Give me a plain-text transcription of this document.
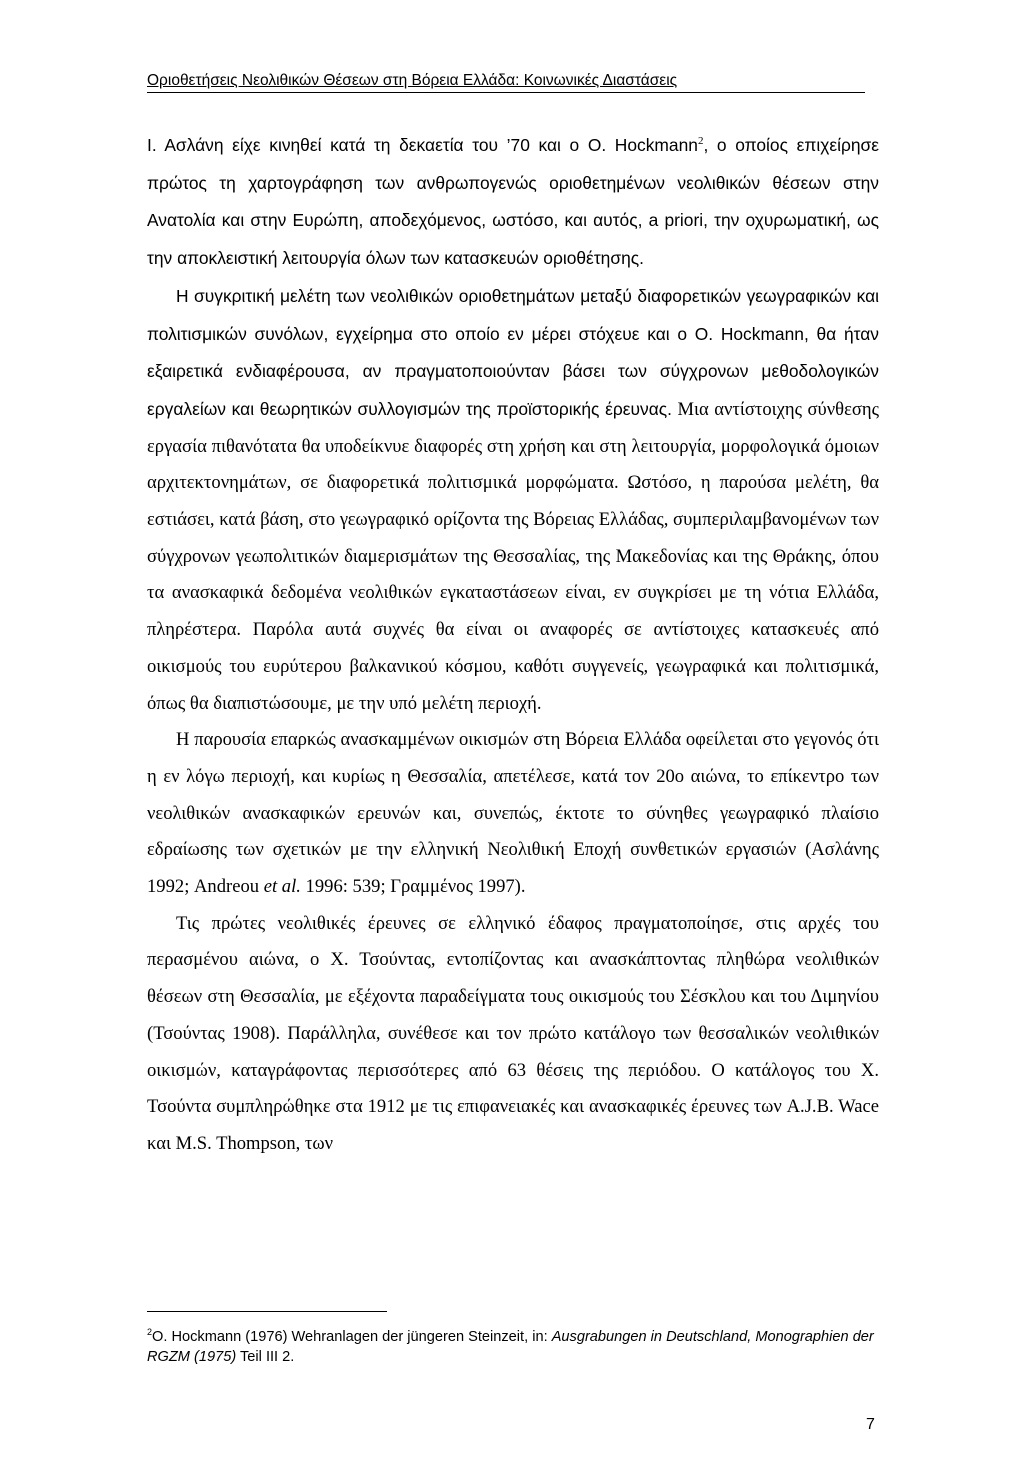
Οριοθετήσεις Νεολιθικών Θέσεων στη Βόρεια Ελλάδα: Κοινωνικές Διαστάσεις

Ι. Ασλάνη είχε κινηθεί κατά τη δεκαετία του ’70 και ο Ο. Hockmann$^2$, ο οποίος επιχείρησε πρώτος τη χαρτογράφηση των ανθρωπογενώς οριοθετημένων νεολιθικών θέσεων στην Ανατολία και στην Ευρώπη, αποδεχόμενος, ωστόσο, και αυτός, a priori, την οχυρωματική, ως την αποκλειστική λειτουργία όλων των κατασκευών οριοθέτησης.

Η συγκριτική μελέτη των νεολιθικών οριοθετημάτων μεταξύ διαφορετικών γεωγραφικών και πολιτισμικών συνόλων, εγχείρημα στο οποίο εν μέρει στόχευε και ο Ο. Hockmann, θα ήταν εξαιρετικά ενδιαφέρουσα, αν πραγματοποιούνταν βάσει των σύγχρονων μεθοδολογικών εργαλείων και θεωρητικών συλλογισμών της προϊστορικής έρευνας. Μια αντίστοιχης σύνθεσης εργασία πιθανότατα θα υποδείκνυε διαφορές στη χρήση και στη λειτουργία, μορφολογικά όμοιων αρχιτεκτονημάτων, σε διαφορετικά πολιτισμικά μορφώματα. Ωστόσο, η παρούσα μελέτη, θα εστιάσει, κατά βάση, στο γεωγραφικό ορίζοντα της Βόρειας Ελλάδας, συμπεριλαμβανομένων των σύγχρονων γεωπολιτικών διαμερισμάτων της Θεσσαλίας, της Μακεδονίας και της Θράκης, όπου τα ανασκαφικά δεδομένα νεολιθικών εγκαταστάσεων είναι, εν συγκρίσει με τη νότια Ελλάδα, πληρέστερα. Παρόλα αυτά συχνές θα είναι οι αναφορές σε αντίστοιχες κατασκευές από οικισμούς του ευρύτερου βαλκανικού κόσμου, καθότι συγγενείς, γεωγραφικά και πολιτισμικά, όπως θα διαπιστώσουμε, με την υπό μελέτη περιοχή.

Η παρουσία επαρκώς ανασκαμμένων οικισμών στη Βόρεια Ελλάδα οφείλεται στο γεγονός ότι η εν λόγω περιοχή, και κυρίως η Θεσσαλία, απετέλεσε, κατά τον 20ο αιώνα, το επίκεντρο των νεολιθικών ανασκαφικών ερευνών και, συνεπώς, έκτοτε το σύνηθες γεωγραφικό πλαίσιο εδραίωσης των σχετικών με την ελληνική Νεολιθική Εποχή συνθετικών εργασιών (Ασλάνης 1992; Andreou et al. 1996: 539; Γραμμένος 1997).

Τις πρώτες νεολιθικές έρευνες σε ελληνικό έδαφος πραγματοποίησε, στις αρχές του περασμένου αιώνα, ο Χ. Τσούντας, εντοπίζοντας και ανασκάπτοντας πληθώρα νεολιθικών θέσεων στη Θεσσαλία, με εξέχοντα παραδείγματα τους οικισμούς του Σέσκλου και του Διμηνίου (Τσούντας 1908). Παράλληλα, συνέθεσε και τον πρώτο κατάλογο των θεσσαλικών νεολιθικών οικισμών, καταγράφοντας περισσότερες από 63 θέσεις της περιόδου. Ο κατάλογος του Χ. Τσούντα συμπληρώθηκε στα 1912 με τις επιφανειακές και ανασκαφικές έρευνες των A.J.B. Wace και M.S. Thompson, των

$^2$O. Hockmann (1976) Wehranlagen der jüngeren Steinzeit, in: Ausgrabungen in Deutschland, Monographien der RGZM (1975) Teil III 2.
7
